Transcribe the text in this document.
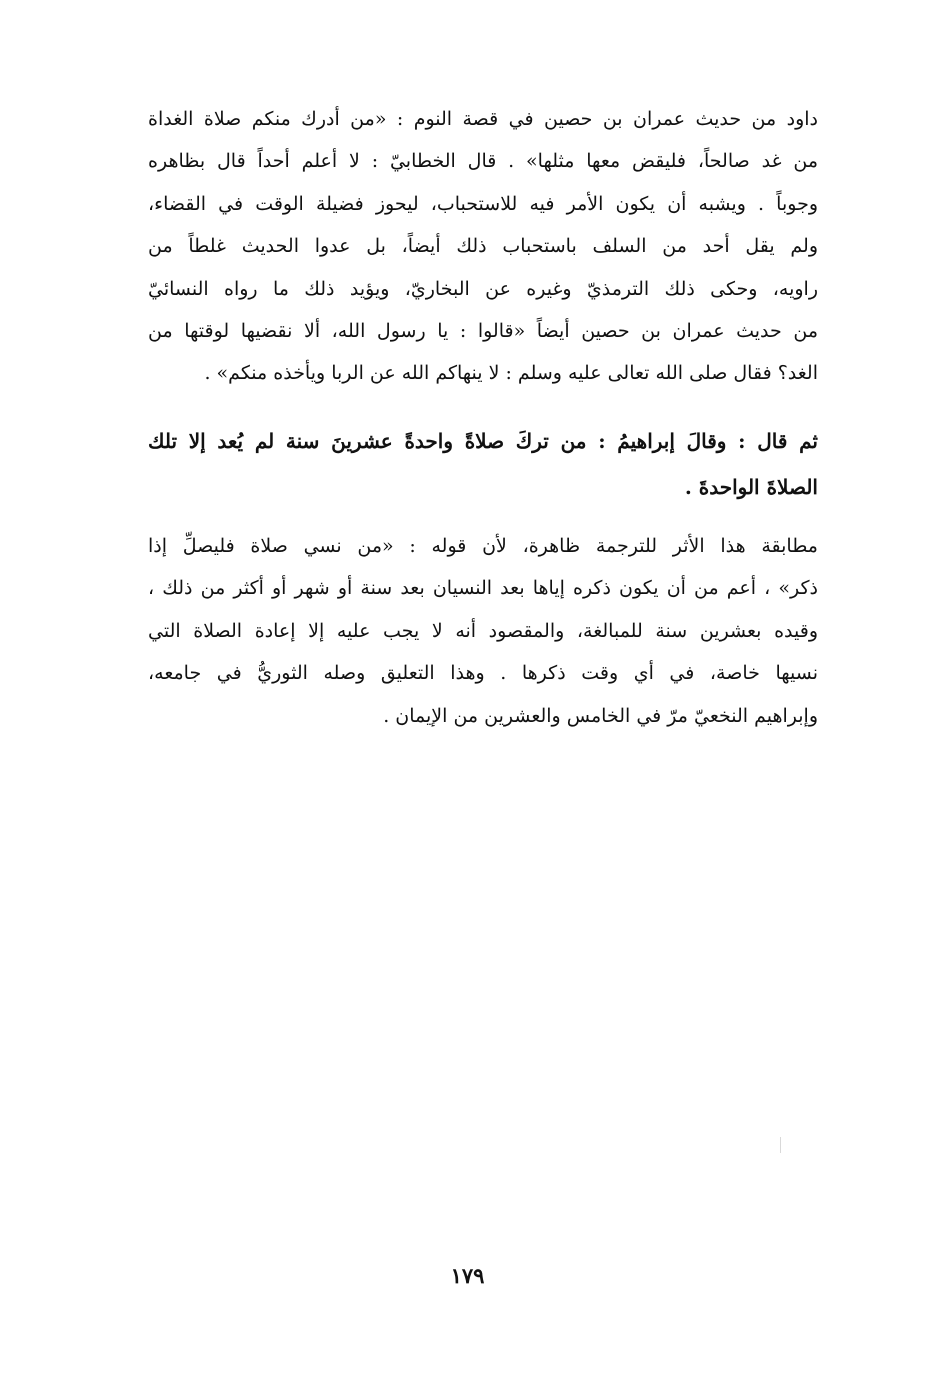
داود من حديث عمران بن حصين في قصة النوم : «من أدرك منكم صلاة الغداة
من غد صالحاً، فليقض معها مثلها» . قال الخطابيّ : لا أعلم أحداً قال بظاهره
وجوباً . ويشبه أن يكون الأمر فيه للاستحباب، ليحوز فضيلة الوقت في القضاء،
ولم يقل أحد من السلف باستحباب ذلك أيضاً، بل عدوا الحديث غلطاً من
راويه، وحكى ذلك الترمذيّ وغيره عن البخاريّ، ويؤيد ذلك ما رواه النسائيّ
من حديث عمران بن حصين أيضاً «قالوا : يا رسول الله، ألا نقضيها لوقتها من
الغد؟ فقال صلى الله تعالى عليه وسلم : لا ينهاكم الله عن الربا ويأخذه منكم» .
ثم قال : وقالَ إبراهيمُ : من تركَ صلاةً واحدةً عشرينَ سنة لم يُعد إلا تلك
الصلاةَ الواحدةَ .
مطابقة هذا الأثر للترجمة ظاهرة، لأن قوله : «من نسي صلاة فليصلِّ إذا
ذكر» ، أعم من أن يكون ذكره إياها بعد النسيان بعد سنة أو شهر أو أكثر من ذلك ،
وقيده بعشرين سنة للمبالغة، والمقصود أنه لا يجب عليه إلا إعادة الصلاة التي
نسيها خاصة، في أي وقت ذكرها . وهذا التعليق وصله الثوريُّ في جامعه،
وإبراهيم النخعيّ مرّ في الخامس والعشرين من الإيمان .
١٧٩
